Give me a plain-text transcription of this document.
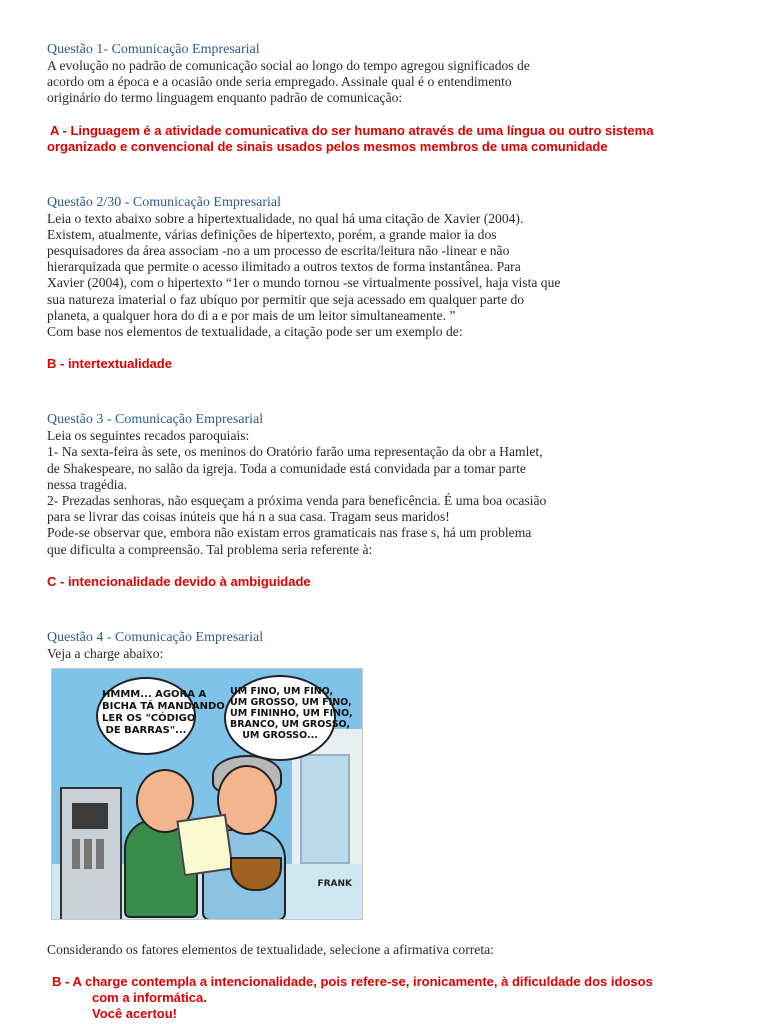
Questão 1- Comunicação Empresarial

A evolução no padrão de comunicação social ao longo do tempo agregou significados de

acordo om a época e a ocasião onde seria empregado. Assinale qual é o entendimento

originário do termo linguagem enquanto padrão de comunicação:

A - Linguagem é a atividade comunicativa do ser humano através de uma língua ou outro sistema

organizado e convencional de sinais usados pelos mesmos membros de uma comunidade

Questão 2/30 - Comunicação Empresarial

Leia o texto abaixo sobre a hipertextualidade, no qual há uma citação de Xavier (2004).

Existem, atualmente, várias definições de hipertexto, porém, a grande maior ia dos

pesquisadores da área associam -no a um processo de escrita/leitura não -linear e não

hierarquizada que permite o acesso ilimitado a outros textos de forma instantânea. Para

Xavier (2004), com o hipertexto “1er o mundo tornou -se virtualmente possível, haja vista que

sua natureza imaterial o faz ubíquo por permitir que seja acessado em qualquer parte do

planeta, a qualquer hora do di a e por mais de um leitor simultaneamente. ”

Com base nos elementos de textualidade, a citação pode ser um exemplo de:

B - intertextualidade

Questão 3 - Comunicação Empresarial

Leia os seguintes recados paroquiais:

1- Na sexta-feira às sete, os meninos do Oratório farão uma representação da obr a Hamlet,

de Shakespeare, no salão da igreja. Toda a comunidade está convidada par a tomar parte

nessa tragédia.

2- Prezadas senhoras, não esqueçam a próxima venda para beneficência. É uma boa ocasião

para se livrar das coisas inúteis que há n a sua casa. Tragam seus maridos!

Pode-se observar que, embora não existam erros gramaticais nas frase s, há um problema

que dificulta a compreensão. Tal problema seria referente à:

C - intencionalidade devido à ambiguidade

Questão 4 - Comunicação Empresarial

Veja a charge abaixo:

HMMM... AGORA A
BICHA TÁ MANDANDO
LER OS "CÓDIGO
DE BARRAS"...
UM FINO, UM FINO,
UM GROSSO, UM FINO,
UM FININHO, UM FINO,
BRANCO, UM GROSSO,
UM GROSSO...
FRANK

Considerando os fatores elementos de textualidade, selecione a afirmativa correta:

B - A charge contempla a intencionalidade, pois refere-se, ironicamente, à dificuldade dos idosos

com a informática.

Você acertou!
